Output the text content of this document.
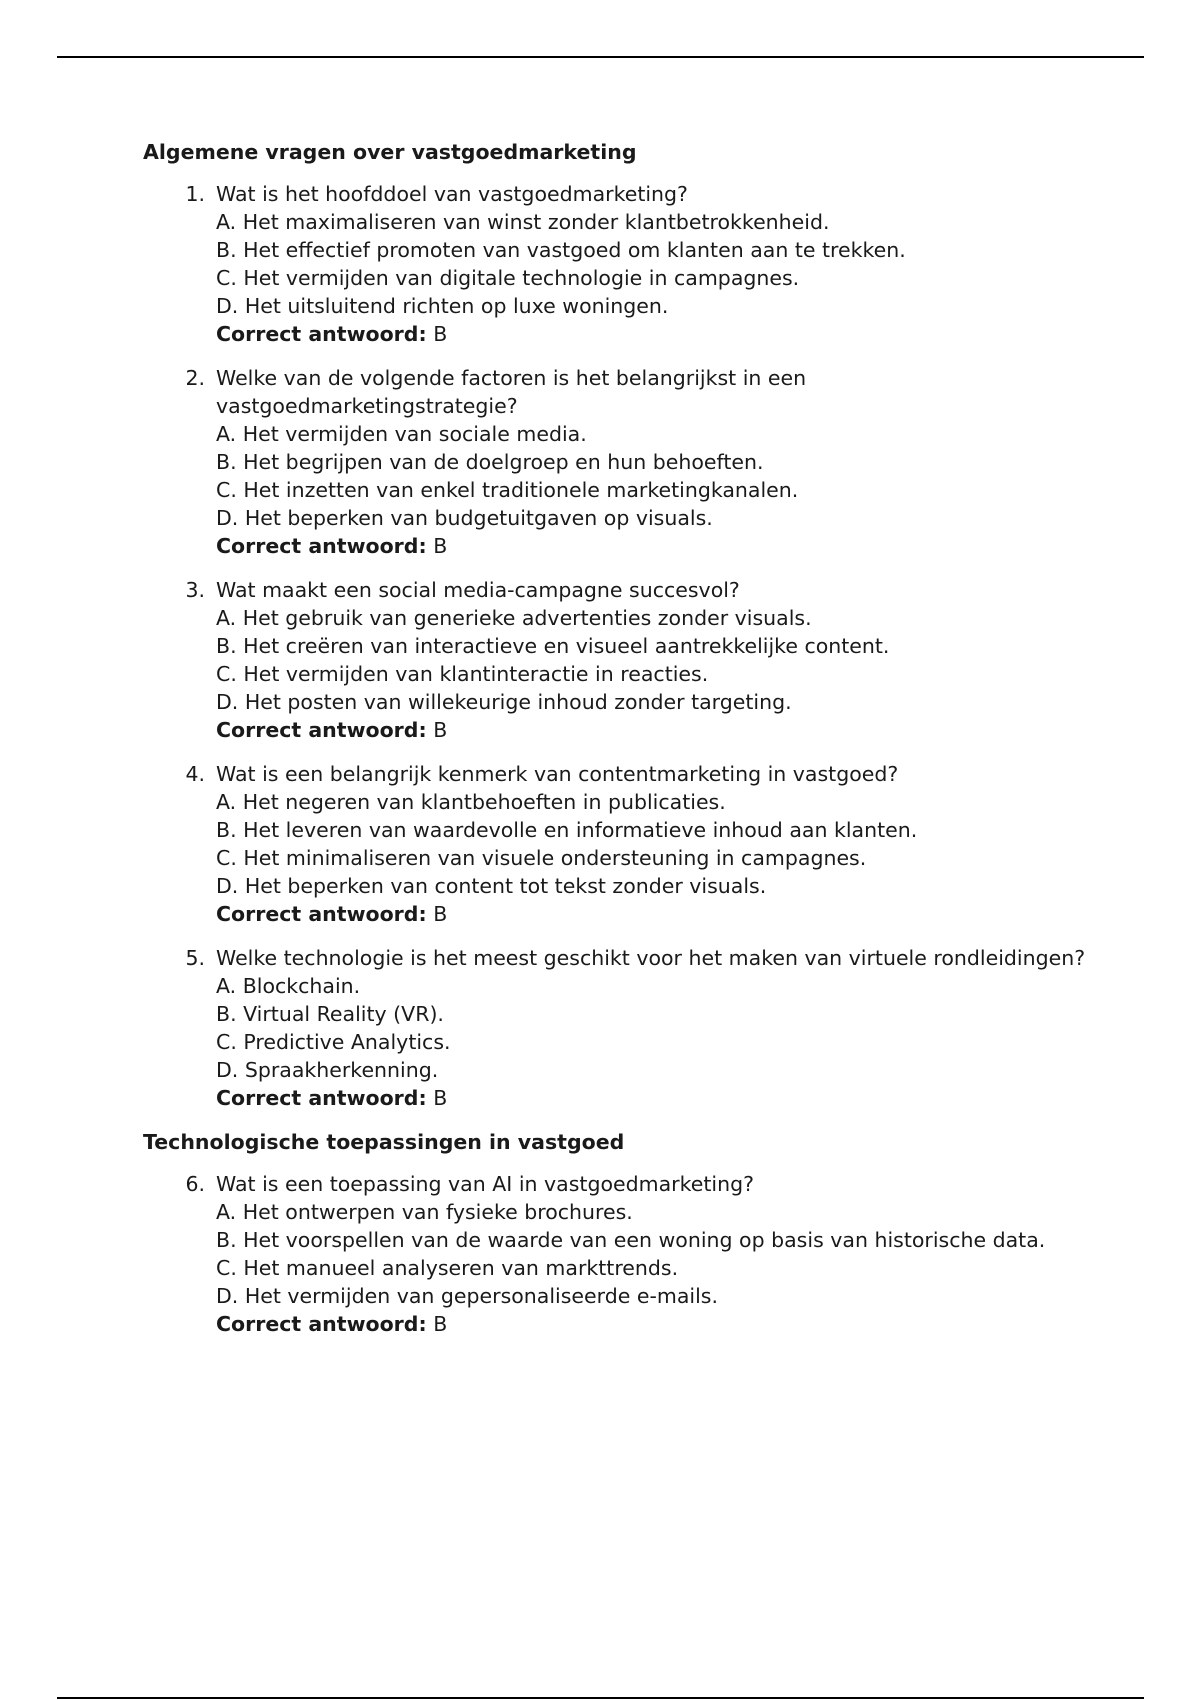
Algemene vragen over vastgoedmarketing
1. Wat is het hoofddoel van vastgoedmarketing?
A. Het maximaliseren van winst zonder klantbetrokkenheid.
B. Het effectief promoten van vastgoed om klanten aan te trekken.
C. Het vermijden van digitale technologie in campagnes.
D. Het uitsluitend richten op luxe woningen.
Correct antwoord: B
2. Welke van de volgende factoren is het belangrijkst in een vastgoedmarketingstrategie?
A. Het vermijden van sociale media.
B. Het begrijpen van de doelgroep en hun behoeften.
C. Het inzetten van enkel traditionele marketingkanalen.
D. Het beperken van budgetuitgaven op visuals.
Correct antwoord: B
3. Wat maakt een social media-campagne succesvol?
A. Het gebruik van generieke advertenties zonder visuals.
B. Het creëren van interactieve en visueel aantrekkelijke content.
C. Het vermijden van klantinteractie in reacties.
D. Het posten van willekeurige inhoud zonder targeting.
Correct antwoord: B
4. Wat is een belangrijk kenmerk van contentmarketing in vastgoed?
A. Het negeren van klantbehoeften in publicaties.
B. Het leveren van waardevolle en informatieve inhoud aan klanten.
C. Het minimaliseren van visuele ondersteuning in campagnes.
D. Het beperken van content tot tekst zonder visuals.
Correct antwoord: B
5. Welke technologie is het meest geschikt voor het maken van virtuele rondleidingen?
A. Blockchain.
B. Virtual Reality (VR).
C. Predictive Analytics.
D. Spraakherkenning.
Correct antwoord: B
Technologische toepassingen in vastgoed
6. Wat is een toepassing van AI in vastgoedmarketing?
A. Het ontwerpen van fysieke brochures.
B. Het voorspellen van de waarde van een woning op basis van historische data.
C. Het manueel analyseren van markttrends.
D. Het vermijden van gepersonaliseerde e-mails.
Correct antwoord: B
